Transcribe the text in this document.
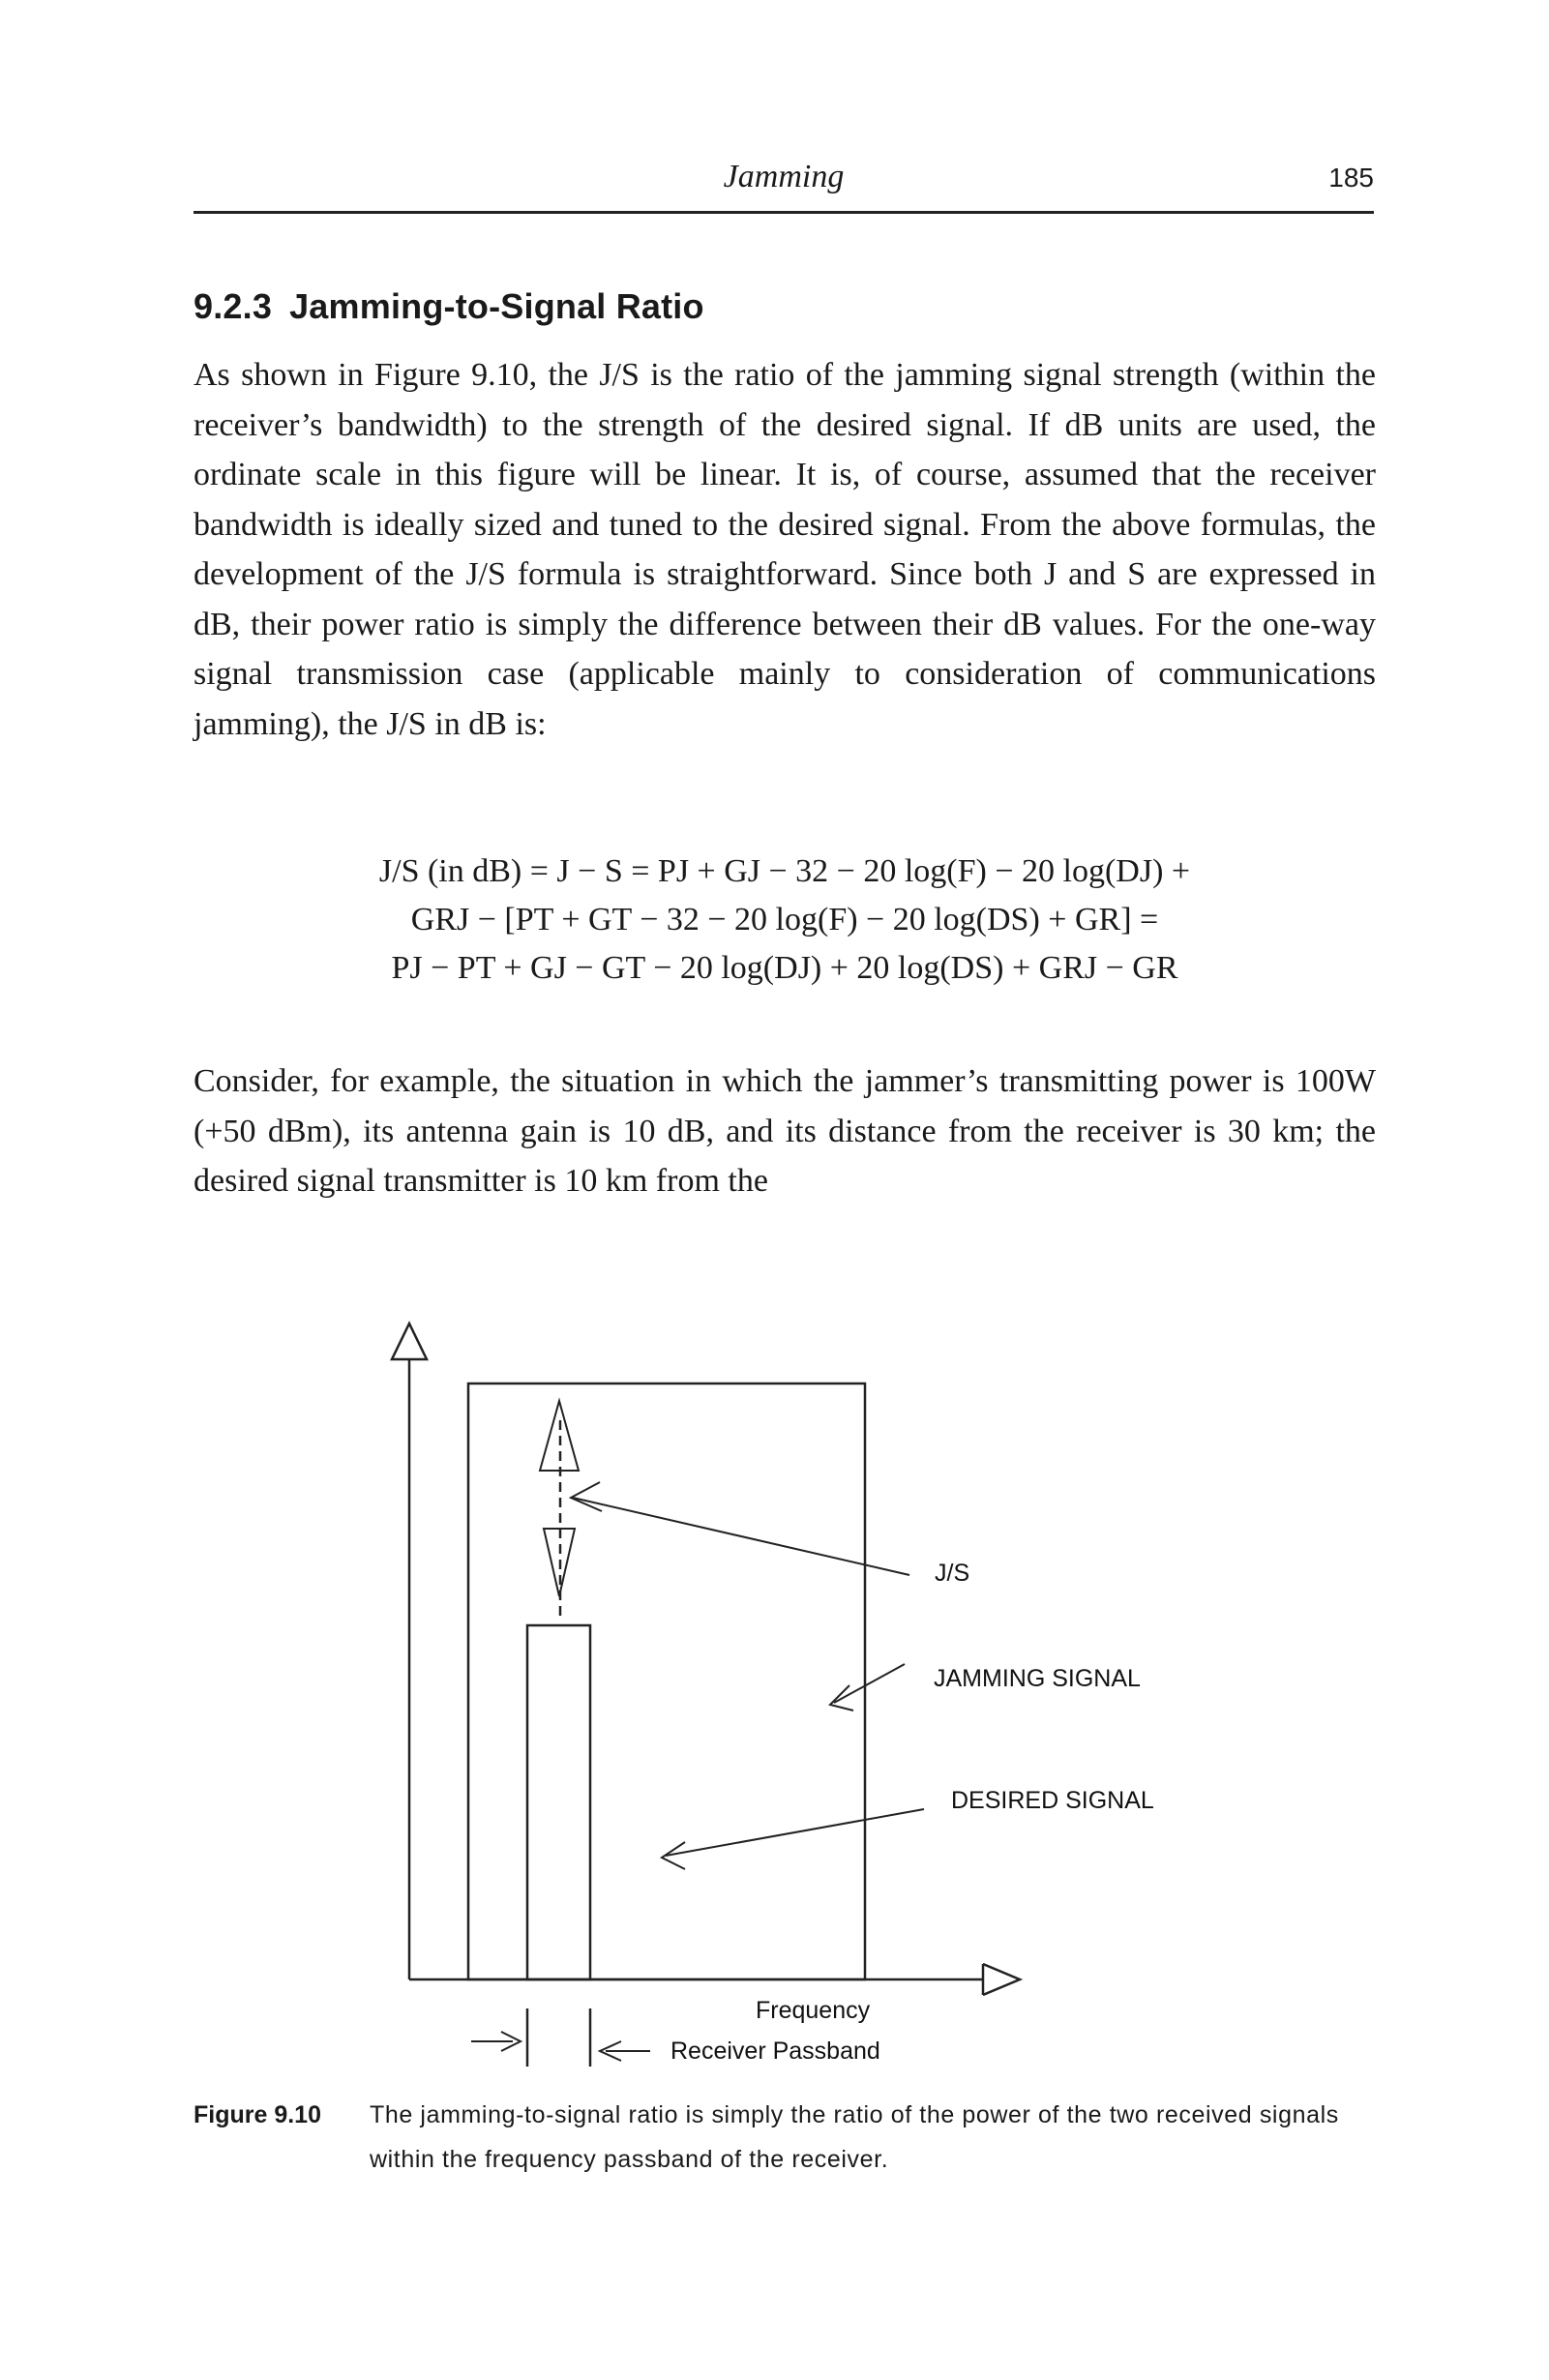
Jamming	185
9.2.3 Jamming-to-Signal Ratio

As shown in Figure 9.10, the J/S is the ratio of the jamming signal strength (within the receiver’s bandwidth) to the strength of the desired signal. If dB units are used, the ordinate scale in this figure will be linear. It is, of course, assumed that the receiver bandwidth is ideally sized and tuned to the desired signal. From the above formulas, the development of the J/S formula is straightforward. Since both J and S are expressed in dB, their power ratio is simply the difference between their dB values. For the one-way signal transmission case (applicable mainly to consideration of communications jamming), the J/S in dB is:

J/S (in dB) = J − S = PJ + GJ − 32 − 20 log(F) − 20 log(DJ) +
GRJ − [PT + GT − 32 − 20 log(F) − 20 log(DS) + GR] =
PJ − PT + GJ − GT − 20 log(DJ) + 20 log(DS) + GRJ − GR

Consider, for example, the situation in which the jammer’s transmitting power is 100W (+50 dBm), its antenna gain is 10 dB, and its distance from the receiver is 30 km; the desired signal transmitter is 10 km from the

J/S
JAMMING SIGNAL
DESIRED SIGNAL
Frequency
Receiver Passband
Figure 9.10 The jamming-to-signal ratio is simply the ratio of the power of the two received signals within the frequency passband of the receiver.
